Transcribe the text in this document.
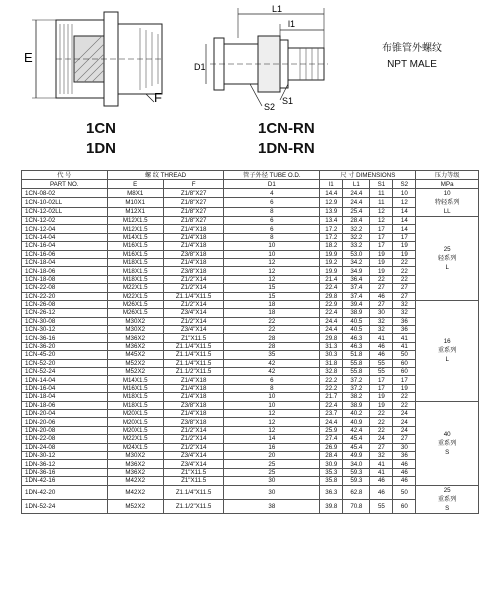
E
F
L1
l1
D1
S2
S1
布锥管外螺纹
NPT MALE
1CN
1DN
1CN-RN
1DN-RN
代 号	螺 纹 THREAD		管子外径 TUBE O.D.	尺 寸 DIMENSIONS				压力等级
PART NO.	E	F	D1	l1	L1	S1	S2	MPa
1CN-08-02	M8X1	Z1/8"X27	4	14.4	24.4	11	10	10
特轻系列
LL

1CN-10-02LL	M10X1	Z1/8"X27	6	12.9	24.4	11	12	
1CN-12-02LL	M12X1	Z1/8"X27	8	13.9	25.4	12	14	
1CN-12-02	M12X1.5	Z1/8"X27	6	13.4	28.4	12	14	25
轻系列
L

1CN-12-04	M12X1.5	Z1/4"X18	6	17.2	32.2	17	14	
1CN-14-04	M14X1.5	Z1/4"X18	8	17.2	32.2	17	17	
1CN-16-04	M16X1.5	Z1/4"X18	10	18.2	33.2	17	19	
1CN-16-06	M16X1.5	Z3/8"X18	10	19.9	53.0	19	19	
1CN-18-04	M18X1.5	Z1/4"X18	12	19.2	34.2	19	22	
1CN-18-06	M18X1.5	Z3/8"X18	12	19.9	34.9	19	22	
1CN-18-08	M18X1.5	Z1/2"X14	12	21.4	36.4	22	22	
1CN-22-08	M22X1.5	Z1/2"X14	15	22.4	37.4	27	27	
1CN-22-20	M22X1.5	Z1.1/4"X11.5	15	29.8	37.4	46	27	
1CN-26-08	M26X1.5	Z1/2"X14	18	22.9	39.4	27	32	16
重系列
L

1CN-26-12	M26X1.5	Z3/4"X14	18	22.4	38.9	30	32	
1CN-30-08	M30X2	Z1/2"X14	22	24.4	40.5	32	36	
1CN-30-12	M30X2	Z3/4"X14	22	24.4	40.5	32	36	
1CN-36-16	M36X2	Z1"X11.5	28	29.8	46.3	41	41	
1CN-36-20	M36X2	Z1.1/4"X11.5	28	31.3	46.3	46	41	
1CN-45-20	M45X2	Z1.1/4"X11.5	35	30.3	51.8	46	50	
1CN-52-20	M52X2	Z1.1/4"X11.5	42	31.8	55.8	55	60	
1CN-52-24	M52X2	Z1.1/2"X11.5	42	32.8	55.8	55	60	
1DN-14-04	M14X1.5	Z1/4"X18	6	22.2	37.2	17	17	
1DN-16-04	M16X1.5	Z1/4"X18	8	22.2	37.2	17	19	
1DN-18-04	M18X1.5	Z1/4"X18	10	21.7	38.2	19	22	
1DN-18-06	M18X1.5	Z3/8"X18	10	22.4	38.9	19	22	40
重系列
S

1DN-20-04	M20X1.5	Z1/4"X18	12	23.7	40.2	22	24	
1DN-20-06	M20X1.5	Z3/8"X18	12	24.4	40.9	22	24	
1DN-20-08	M20X1.5	Z1/2"X14	12	25.9	42.4	22	24	
1DN-22-08	M22X1.5	Z1/2"X14	14	27.4	45.4	24	27	
1DN-24-08	M24X1.5	Z1/2"X14	16	26.9	45.4	27	30	
1DN-30-12	M30X2	Z3/4"X14	20	28.4	49.9	32	36	
1DN-36-12	M36X2	Z3/4"X14	25	30.9	34.0	41	46	
1DN-36-16	M36X2	Z1"X11.5	25	35.3	59.3	41	46	
1DN-42-16	M42X2	Z1"X11.5	30	35.8	59.3	46	46	
1DN-42-20	M42X2	Z1.1/4"X11.5	30	36.3	62.8	46	50	25
重系列
S

1DN-52-24	M52X2	Z1.1/2"X11.5	38	39.8	70.8	55	60	
